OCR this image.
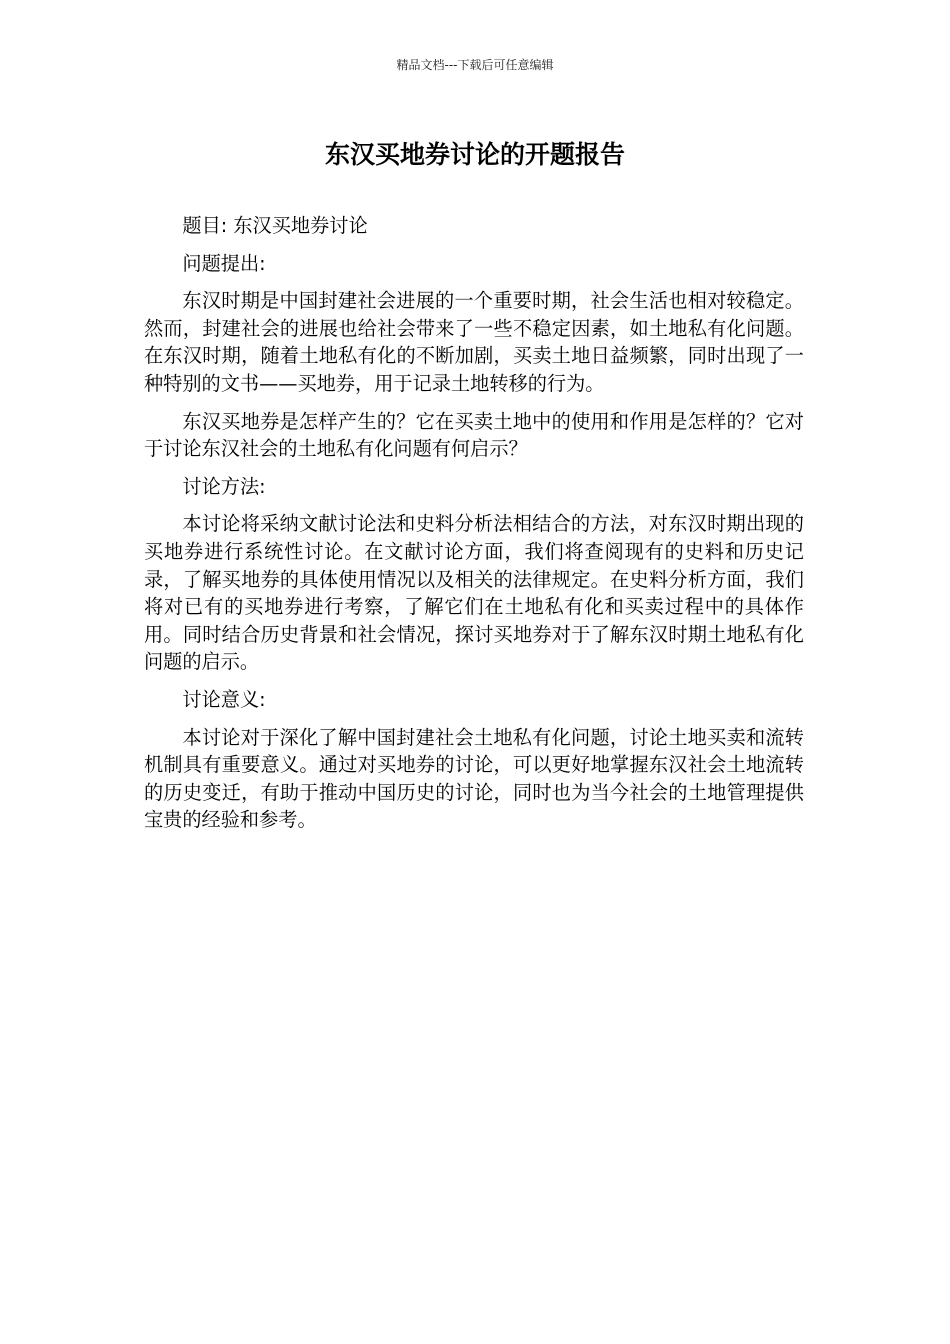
精品文档---下载后可任意编辑
东汉买地券讨论的开题报告

题目: 东汉买地券讨论

问题提出:

东汉时期是中国封建社会进展的一个重要时期，社会生活也相对较稳定。然而，封建社会的进展也给社会带来了一些不稳定因素，如土地私有化问题。在东汉时期，随着土地私有化的不断加剧，买卖土地日益频繁，同时出现了一种特别的文书——买地券，用于记录土地转移的行为。

东汉买地券是怎样产生的？它在买卖土地中的使用和作用是怎样的？它对于讨论东汉社会的土地私有化问题有何启示？

讨论方法:

本讨论将采纳文献讨论法和史料分析法相结合的方法，对东汉时期出现的买地券进行系统性讨论。在文献讨论方面，我们将查阅现有的史料和历史记录，了解买地券的具体使用情况以及相关的法律规定。在史料分析方面，我们将对已有的买地券进行考察，了解它们在土地私有化和买卖过程中的具体作用。同时结合历史背景和社会情况，探讨买地券对于了解东汉时期土地私有化问题的启示。

讨论意义:

本讨论对于深化了解中国封建社会土地私有化问题，讨论土地买卖和流转机制具有重要意义。通过对买地券的讨论，可以更好地掌握东汉社会土地流转的历史变迁，有助于推动中国历史的讨论，同时也为当今社会的土地管理提供宝贵的经验和参考。
